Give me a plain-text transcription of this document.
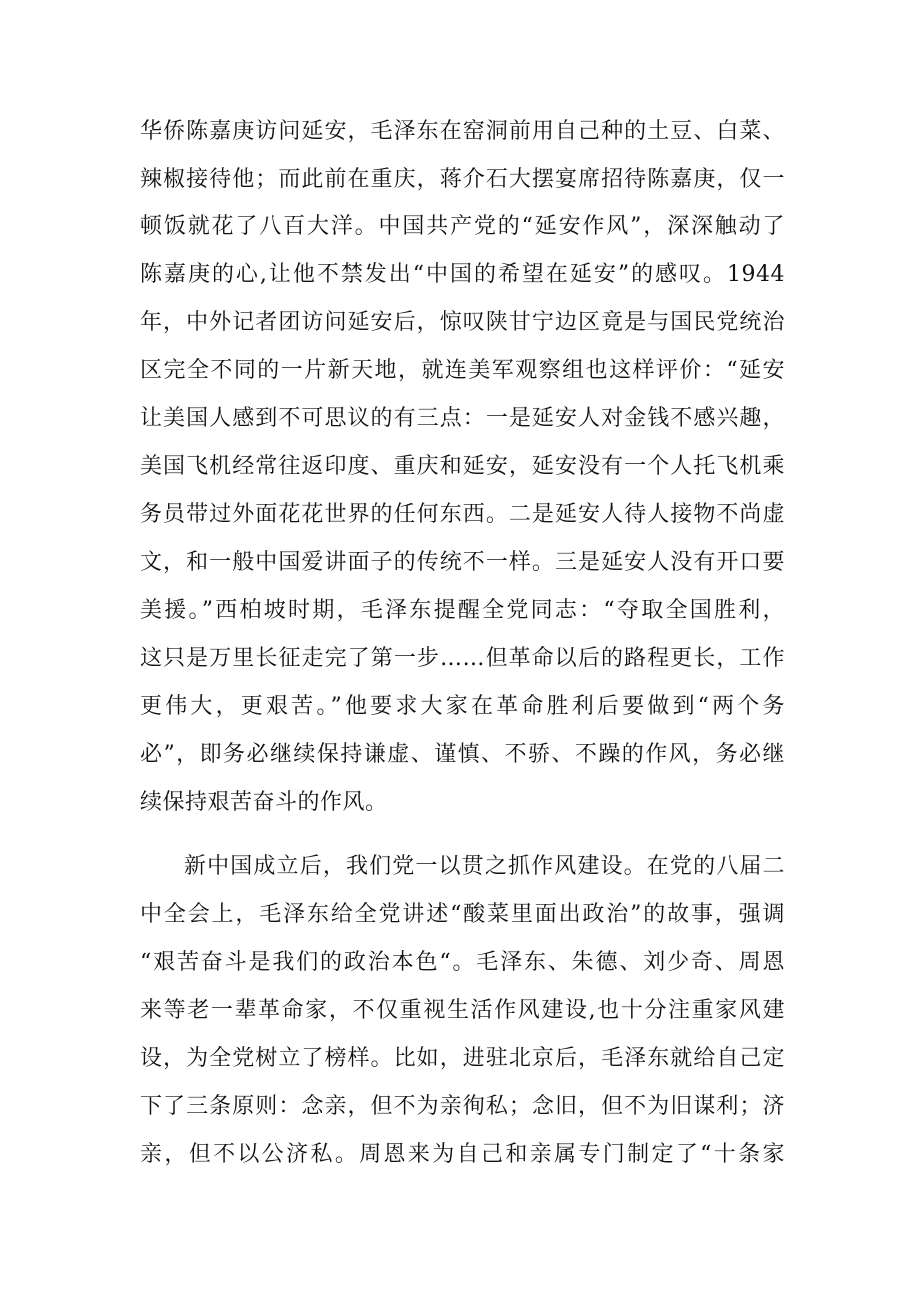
华侨陈嘉庚访问延安，毛泽东在窑洞前用自己种的土豆、白菜、
辣椒接待他；而此前在重庆，蒋介石大摆宴席招待陈嘉庚，仅一
顿饭就花了八百大洋。中国共产党的“延安作风”，深深触动了
陈嘉庚的心,让他不禁发出“中国的希望在延安”的感叹。1944
年，中外记者团访问延安后，惊叹陕甘宁边区竟是与国民党统治
区完全不同的一片新天地，就连美军观察组也这样评价：“延安
让美国人感到不可思议的有三点：一是延安人对金钱不感兴趣，
美国飞机经常往返印度、重庆和延安，延安没有一个人托飞机乘
务员带过外面花花世界的任何东西。二是延安人待人接物不尚虚
文，和一般中国爱讲面子的传统不一样。三是延安人没有开口要
美援。”西柏坡时期，毛泽东提醒全党同志：“夺取全国胜利，
这只是万里长征走完了第一步……但革命以后的路程更长，工作
更伟大，更艰苦。”他要求大家在革命胜利后要做到“两个务
必”，即务必继续保持谦虚、谨慎、不骄、不躁的作风，务必继
续保持艰苦奋斗的作风。
新中国成立后，我们党一以贯之抓作风建设。在党的八届二
中全会上，毛泽东给全党讲述“酸菜里面出政治”的故事，强调
“艰苦奋斗是我们的政治本色“。毛泽东、朱德、刘少奇、周恩
来等老一辈革命家，不仅重视生活作风建设,也十分注重家风建
设，为全党树立了榜样。比如，进驻北京后，毛泽东就给自己定
下了三条原则：念亲，但不为亲徇私；念旧，但不为旧谋利；济
亲，但不以公济私。周恩来为自己和亲属专门制定了“十条家
